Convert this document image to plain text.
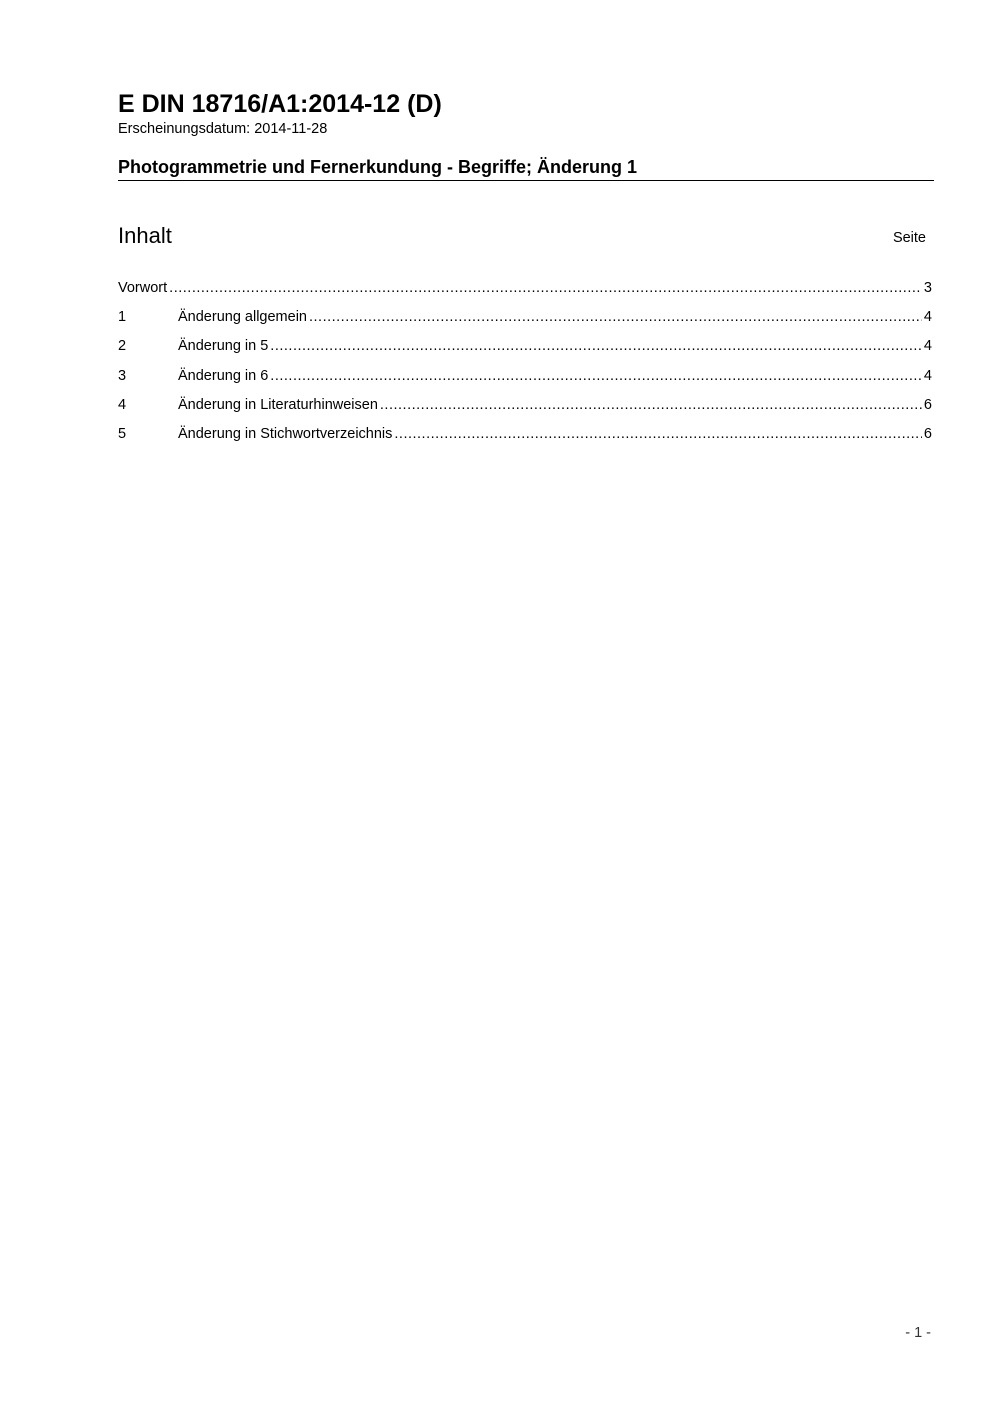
E DIN 18716/A1:2014-12 (D)

Erscheinungsdatum: 2014-11-28

Photogrammetrie und Fernerkundung - Begriffe; Änderung 1
Inhalt	Seite
Vorwort .....	3
1	Änderung allgemein .....	4
2	Änderung in 5 .....	4
3	Änderung in 6 .....	4
4	Änderung in Literaturhinweisen .....	6
5	Änderung in Stichwortverzeichnis .....	6
- 1 -
